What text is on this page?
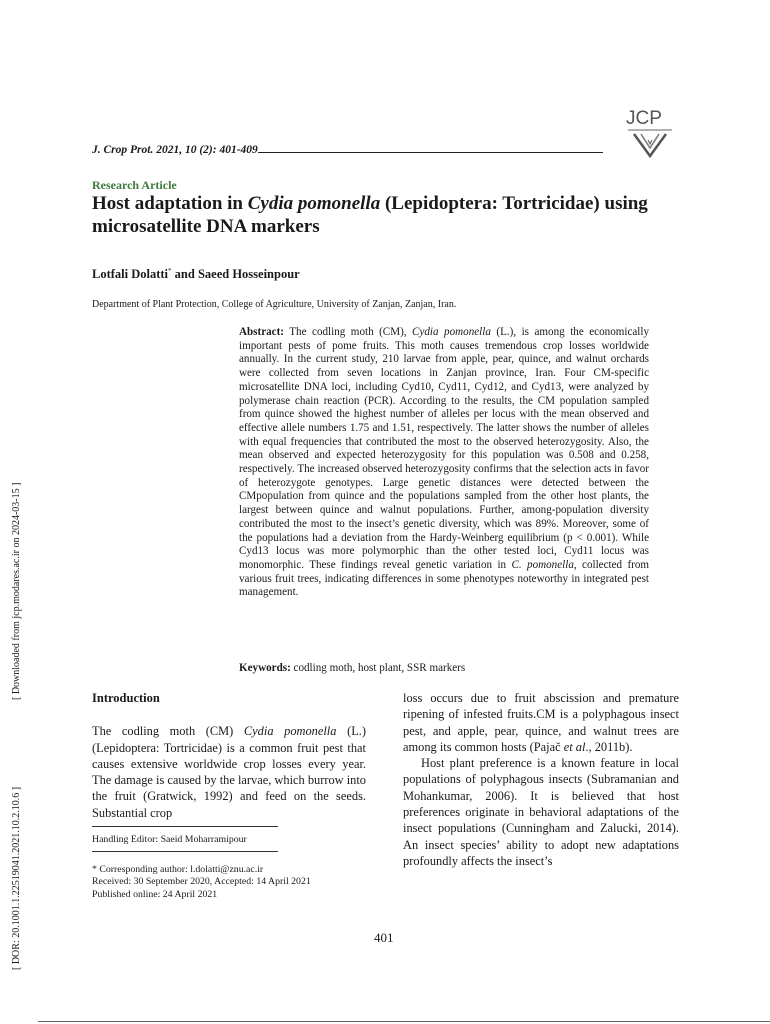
J. Crop Prot. 2021, 10 (2): 401-409
JCP
Research Article
Host adaptation in Cydia pomonella (Lepidoptera: Tortricidae) using microsatellite DNA markers
Lotfali Dolatti* and Saeed Hosseinpour
Department of Plant Protection, College of Agriculture, University of Zanjan, Zanjan, Iran.
Abstract: The codling moth (CM), Cydia pomonella (L.), is among the economically important pests of pome fruits. This moth causes tremendous crop losses worldwide annually. In the current study, 210 larvae from apple, pear, quince, and walnut orchards were collected from seven locations in Zanjan province, Iran. Four CM-specific microsatellite DNA loci, including Cyd10, Cyd11, Cyd12, and Cyd13, were analyzed by polymerase chain reaction (PCR). According to the results, the CM population sampled from quince showed the highest number of alleles per locus with the mean observed and effective allele numbers 1.75 and 1.51, respectively. The latter shows the number of alleles with equal frequencies that contributed the most to the observed heterozygosity. Also, the mean observed and expected heterozygosity for this population was 0.508 and 0.258, respectively. The increased observed heterozygosity confirms that the selection acts in favor of heterozygote genotypes. Large genetic distances were detected between the CMpopulation from quince and the populations sampled from the other host plants, the largest between quince and walnut populations. Further, among-population diversity contributed the most to the insect’s genetic diversity, which was 89%. Moreover, some of the populations had a deviation from the Hardy-Weinberg equilibrium (p < 0.001). While Cyd13 locus was more polymorphic than the other tested loci, Cyd11 locus was monomorphic. These findings reveal genetic variation in C. pomonella, collected from various fruit trees, indicating differences in some phenotypes noteworthy in integrated pest management.
Keywords: codling moth, host plant, SSR markers
[ Downloaded from jcp.modares.ac.ir on 2024-03-15 ]
[ DOR: 20.1001.1.22519041.2021.10.2.10.6 ]
Introduction

The codling moth (CM) Cydia pomonella (L.) (Lepidoptera: Tortricidae) is a common fruit pest that causes extensive worldwide crop losses every year. The damage is caused by the larvae, which burrow into the fruit (Gratwick, 1992) and feed on the seeds. Substantial crop

loss occurs due to fruit abscission and premature ripening of infested fruits.CM is a polyphagous insect pest, and apple, pear, quince, and walnut trees are among its common hosts (Pajač et al., 2011b).

Host plant preference is a known feature in local populations of polyphagous insects (Subramanian and Mohankumar, 2006). It is believed that host preferences originate in behavioral adaptations of the insect populations (Cunningham and Zalucki, 2014). An insect species’ ability to adopt new adaptations profoundly affects the insect’s

Handling Editor: Saeid Moharramipour
* Corresponding author: l.dolatti@znu.ac.ir
Received: 30 September 2020, Accepted: 14 April 2021
Published online: 24 April 2021
401
